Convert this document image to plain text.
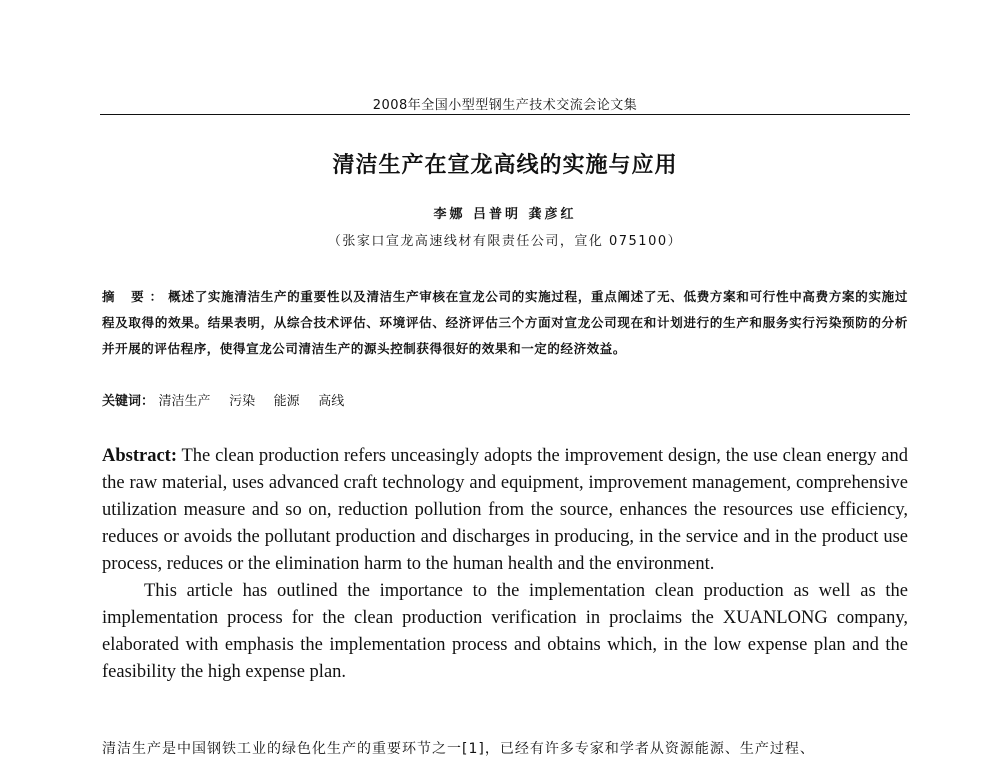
2008年全国小型型钢生产技术交流会论文集
清洁生产在宣龙高线的实施与应用
李娜 吕普明 龚彦红
（张家口宣龙高速线材有限责任公司，宣化 075100）
摘 要：概述了实施清洁生产的重要性以及清洁生产审核在宣龙公司的实施过程，重点阐述了无、低费方案和可行性中高费方案的实施过程及取得的效果。结果表明，从综合技术评估、环境评估、经济评估三个方面对宣龙公司现在和计划进行的生产和服务实行污染预防的分析并开展的评估程序，使得宣龙公司清洁生产的源头控制获得很好的效果和一定的经济效益。
关键词： 清洁生产 污染 能源 高线

Abstract: The clean production refers unceasingly adopts the improvement design, the use clean energy and the raw material, uses advanced craft technology and equipment, improvement management, comprehensive utilization measure and so on, reduction pollution from the source, enhances the resources use efficiency, reduces or avoids the pollutant production and discharges in producing, in the service and in the product use process, reduces or the elimination harm to the human health and the environment.

This article has outlined the importance to the implementation clean production as well as the implementation process for the clean production verification in proclaims the XUANLONG company, elaborated with emphasis the implementation process and obtains which, in the low expense plan and the feasibility the high expense plan.

清洁生产是中国钢铁工业的绿色化生产的重要环节之一[1]，已经有许多专家和学者从资源能源、生产过程、
